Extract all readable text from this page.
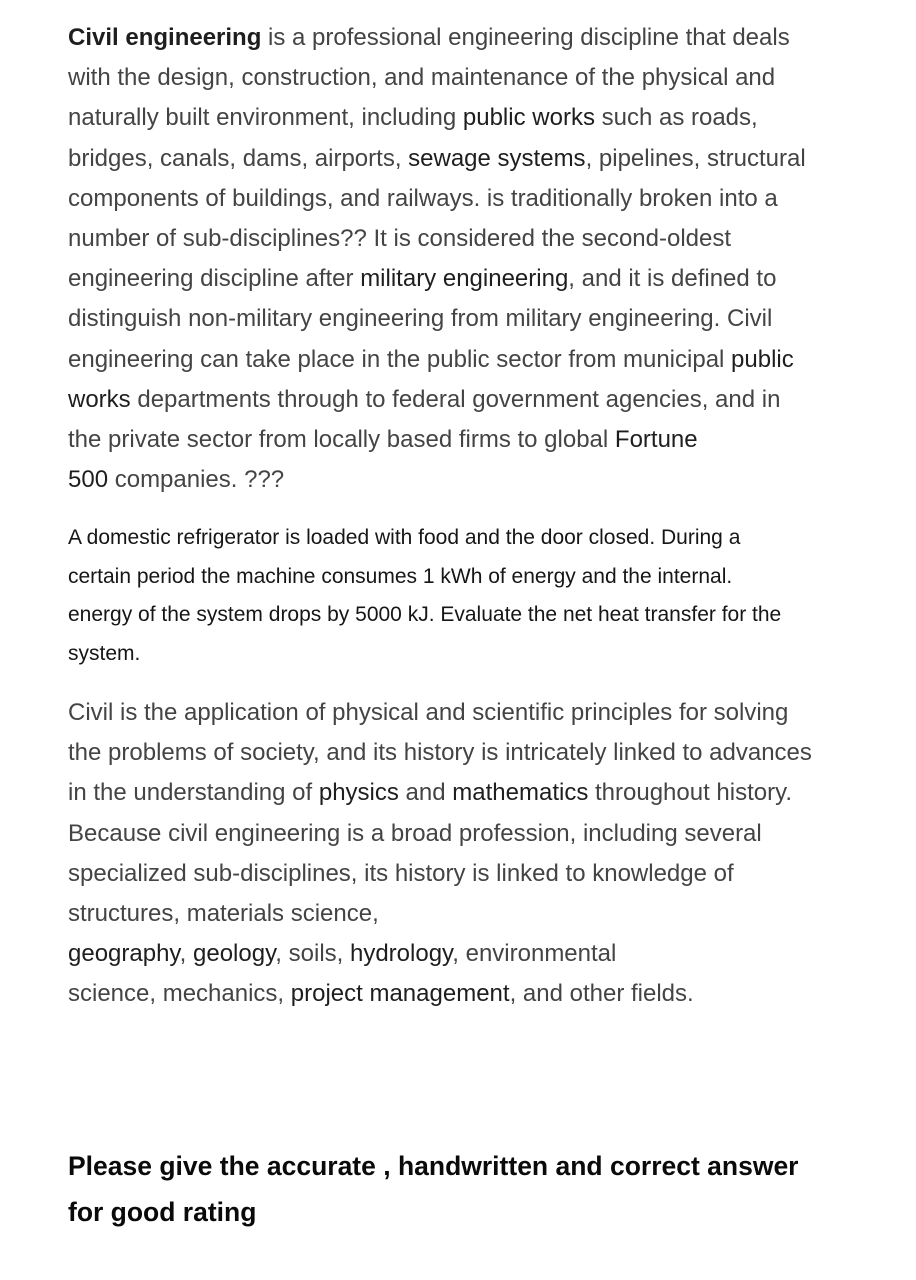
Civil engineering is a professional engineering discipline that deals
with the design, construction, and maintenance of the physical and
naturally built environment, including public works such as roads,
bridges, canals, dams, airports, sewage systems, pipelines, structural
components of buildings, and railways. is traditionally broken into a
number of sub-disciplines?? It is considered the second-oldest
engineering discipline after military engineering, and it is defined to
distinguish non-military engineering from military engineering. Civil
engineering can take place in the public sector from municipal public
works departments through to federal government agencies, and in
the private sector from locally based firms to global Fortune
500 companies. ???

A domestic refrigerator is loaded with food and the door closed. During a
certain period the machine consumes 1 kWh of energy and the internal.
energy of the system drops by 5000 kJ. Evaluate the net heat transfer for the
system.

Civil is the application of physical and scientific principles for solving
the problems of society, and its history is intricately linked to advances
in the understanding of physics and mathematics throughout history.
Because civil engineering is a broad profession, including several
specialized sub-disciplines, its history is linked to knowledge of
structures, materials science,
geography, geology, soils, hydrology, environmental
science, mechanics, project management, and other fields.

Please give the accurate , handwritten and correct answer
for good rating
